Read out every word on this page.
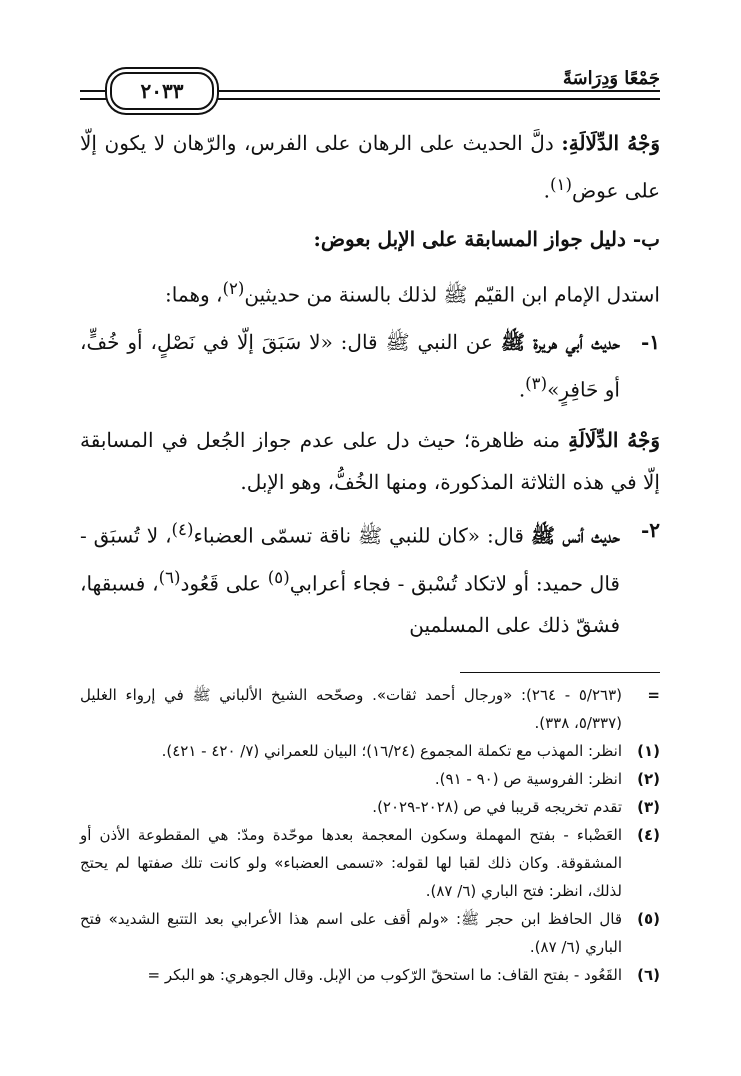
جَمْعًا وَدِرَاسَةً
٢٠٣٣

وَجْهُ الدِّلَالَةِ: دلَّ الحديث على الرهان على الفرس، والرّهان لا يكون إلّا على عوض$^{(١)}$.

ب- دليل جواز المسابقة على الإبل بعوض:

استدل الإمام ابن القيّم ﷺ لذلك بالسنة من حديثين$^{(٢)}$، وهما:

١-
حديث أبي هريرة ﷺ عن النبي ﷺ قال: «لا سَبَقَ إلّا في نَصْلٍ، أو خُفٍّ، أو حَافِرٍ»$^{(٣)}$.

وَجْهُ الدِّلَالَةِ منه ظاهرة؛ حيث دل على عدم جواز الجُعل في المسابقة إلّا في هذه الثلاثة المذكورة، ومنها الخُفُّ، وهو الإبل.

٢-
حديث أنس ﷺ قال: «كان للنبي ﷺ ناقة تسمّى العضباء$^{(٤)}$، لا تُسبَق - قال حميد: أو لاتكاد تُسْبق - فجاء أعرابي$^{(٥)}$ على قَعُود$^{(٦)}$، فسبقها، فشقّ ذلك على المسلمين
=
(٥/٢٦٣ - ٢٦٤): «ورجال أحمد ثقات». وصحّحه الشيخ الألباني ﷺ في إرواء الغليل (٥/٣٣٧، ٣٣٨).
(١)
انظر: المهذب مع تكملة المجموع (١٦/٢٤)؛ البيان للعمراني (٧/ ٤٢٠ - ٤٢١).
(٢)
انظر: الفروسية ص (٩٠ - ٩١).
(٣)
تقدم تخريجه قريبا في ص (٢٠٢٨-٢٠٢٩).
(٤)
العَضْباء - بفتح المهملة وسكون المعجمة بعدها موحّدة ومدّ: هي المقطوعة الأذن أو المشقوقة. وكان ذلك لقبا لها لقوله: «تسمى العضباء» ولو كانت تلك صفتها لم يحتج لذلك، انظر: فتح الباري (٦/ ٨٧).
(٥)
قال الحافظ ابن حجر ﷺ: «ولم أقف على اسم هذا الأعرابي بعد التتبع الشديد» فتح الباري (٦/ ٨٧).
(٦)
القَعُود - بفتح القاف: ما استحقّ الرّكوب من الإبل. وقال الجوهري: هو البكر =
